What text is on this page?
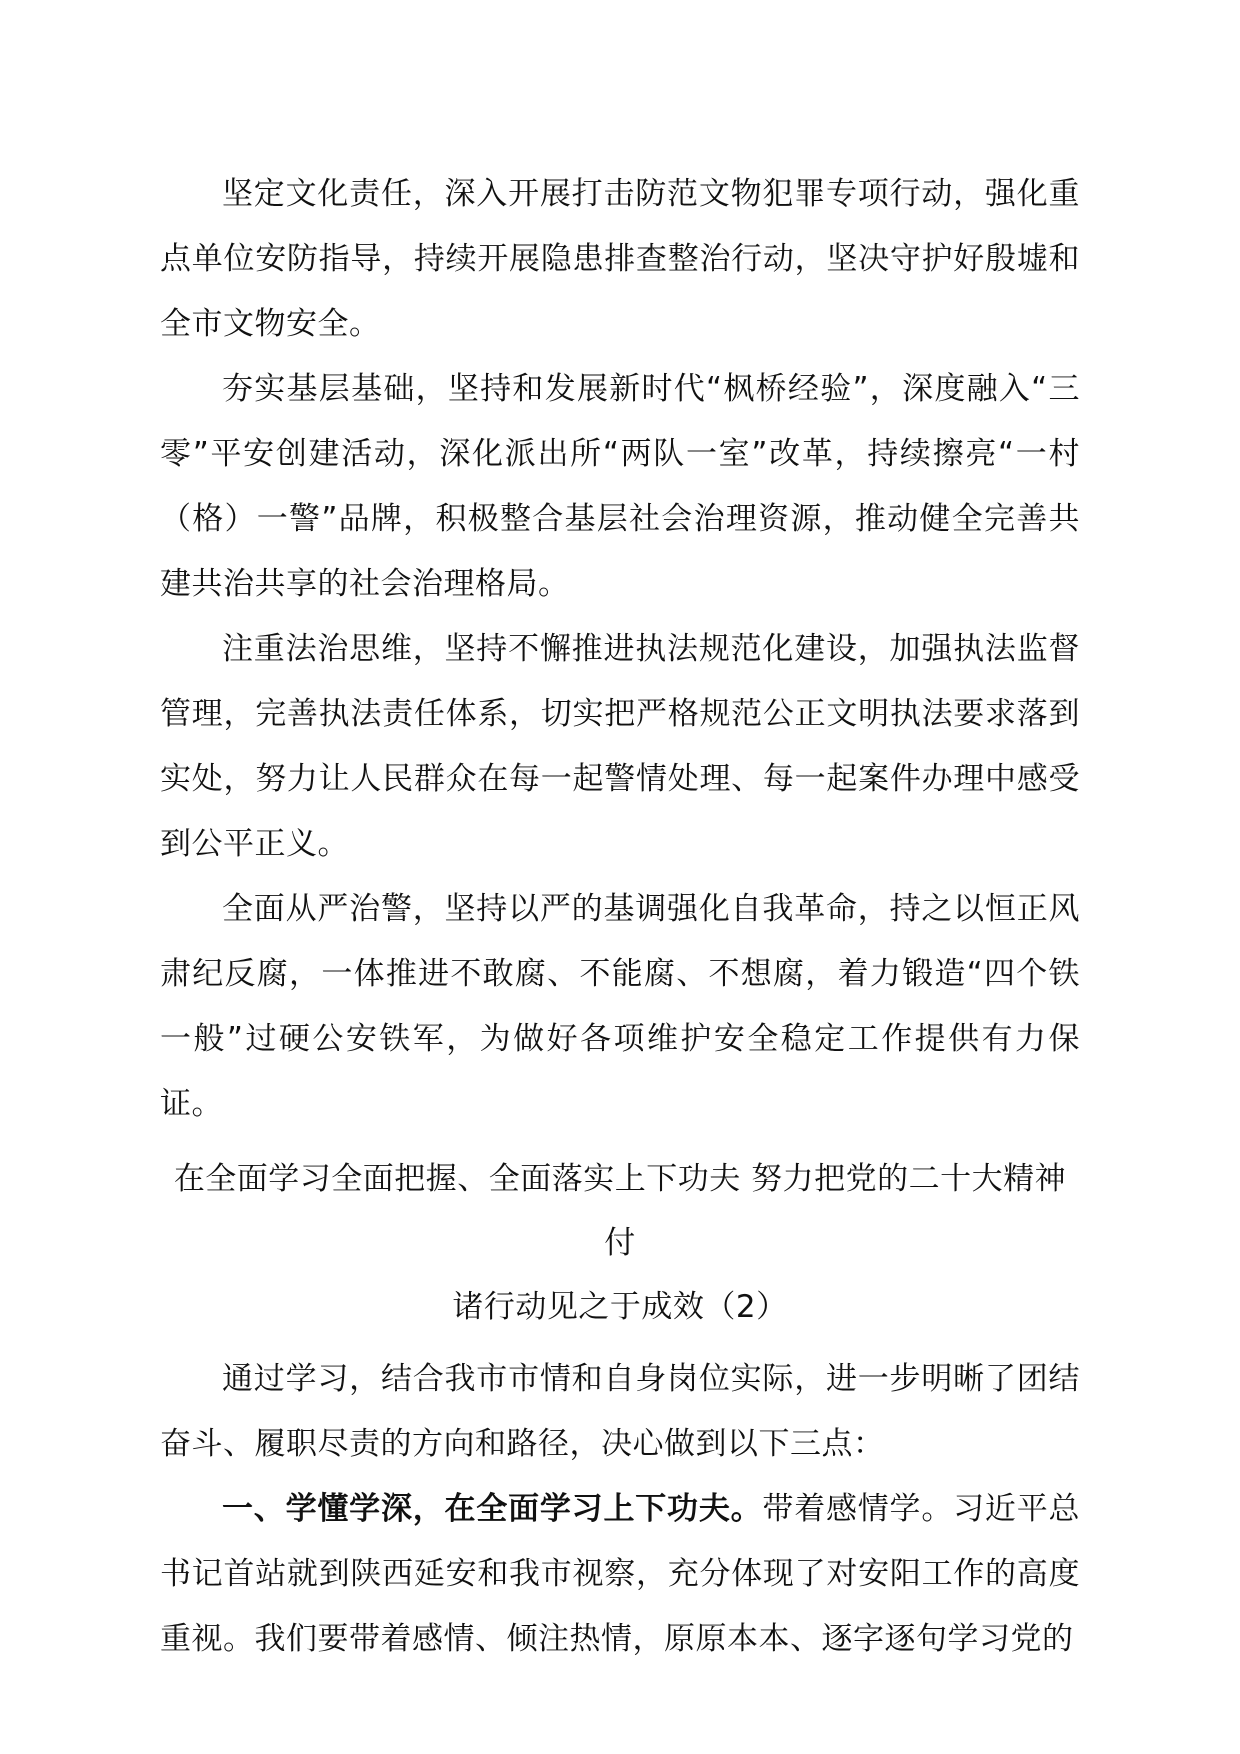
坚定文化责任，深入开展打击防范文物犯罪专项行动，强化重点单位安防指导，持续开展隐患排查整治行动，坚决守护好殷墟和全市文物安全。

夯实基层基础，坚持和发展新时代“枫桥经验”，深度融入“三零”平安创建活动，深化派出所“两队一室”改革，持续擦亮“一村（格）一警”品牌，积极整合基层社会治理资源，推动健全完善共建共治共享的社会治理格局。

注重法治思维，坚持不懈推进执法规范化建设，加强执法监督管理，完善执法责任体系，切实把严格规范公正文明执法要求落到实处，努力让人民群众在每一起警情处理、每一起案件办理中感受到公平正义。

全面从严治警，坚持以严的基调强化自我革命，持之以恒正风肃纪反腐，一体推进不敢腐、不能腐、不想腐，着力锻造“四个铁一般”过硬公安铁军，为做好各项维护安全稳定工作提供有力保证。

在全面学习全面把握、全面落实上下功夫 努力把党的二十大精神付
诸行动见之于成效（2）

通过学习，结合我市市情和自身岗位实际，进一步明晰了团结奋斗、履职尽责的方向和路径，决心做到以下三点：

一、学懂学深，在全面学习上下功夫。带着感情学。习近平总书记首站就到陕西延安和我市视察，充分体现了对安阳工作的高度重视。我们要带着感情、倾注热情，原原本本、逐字逐句学习党的
